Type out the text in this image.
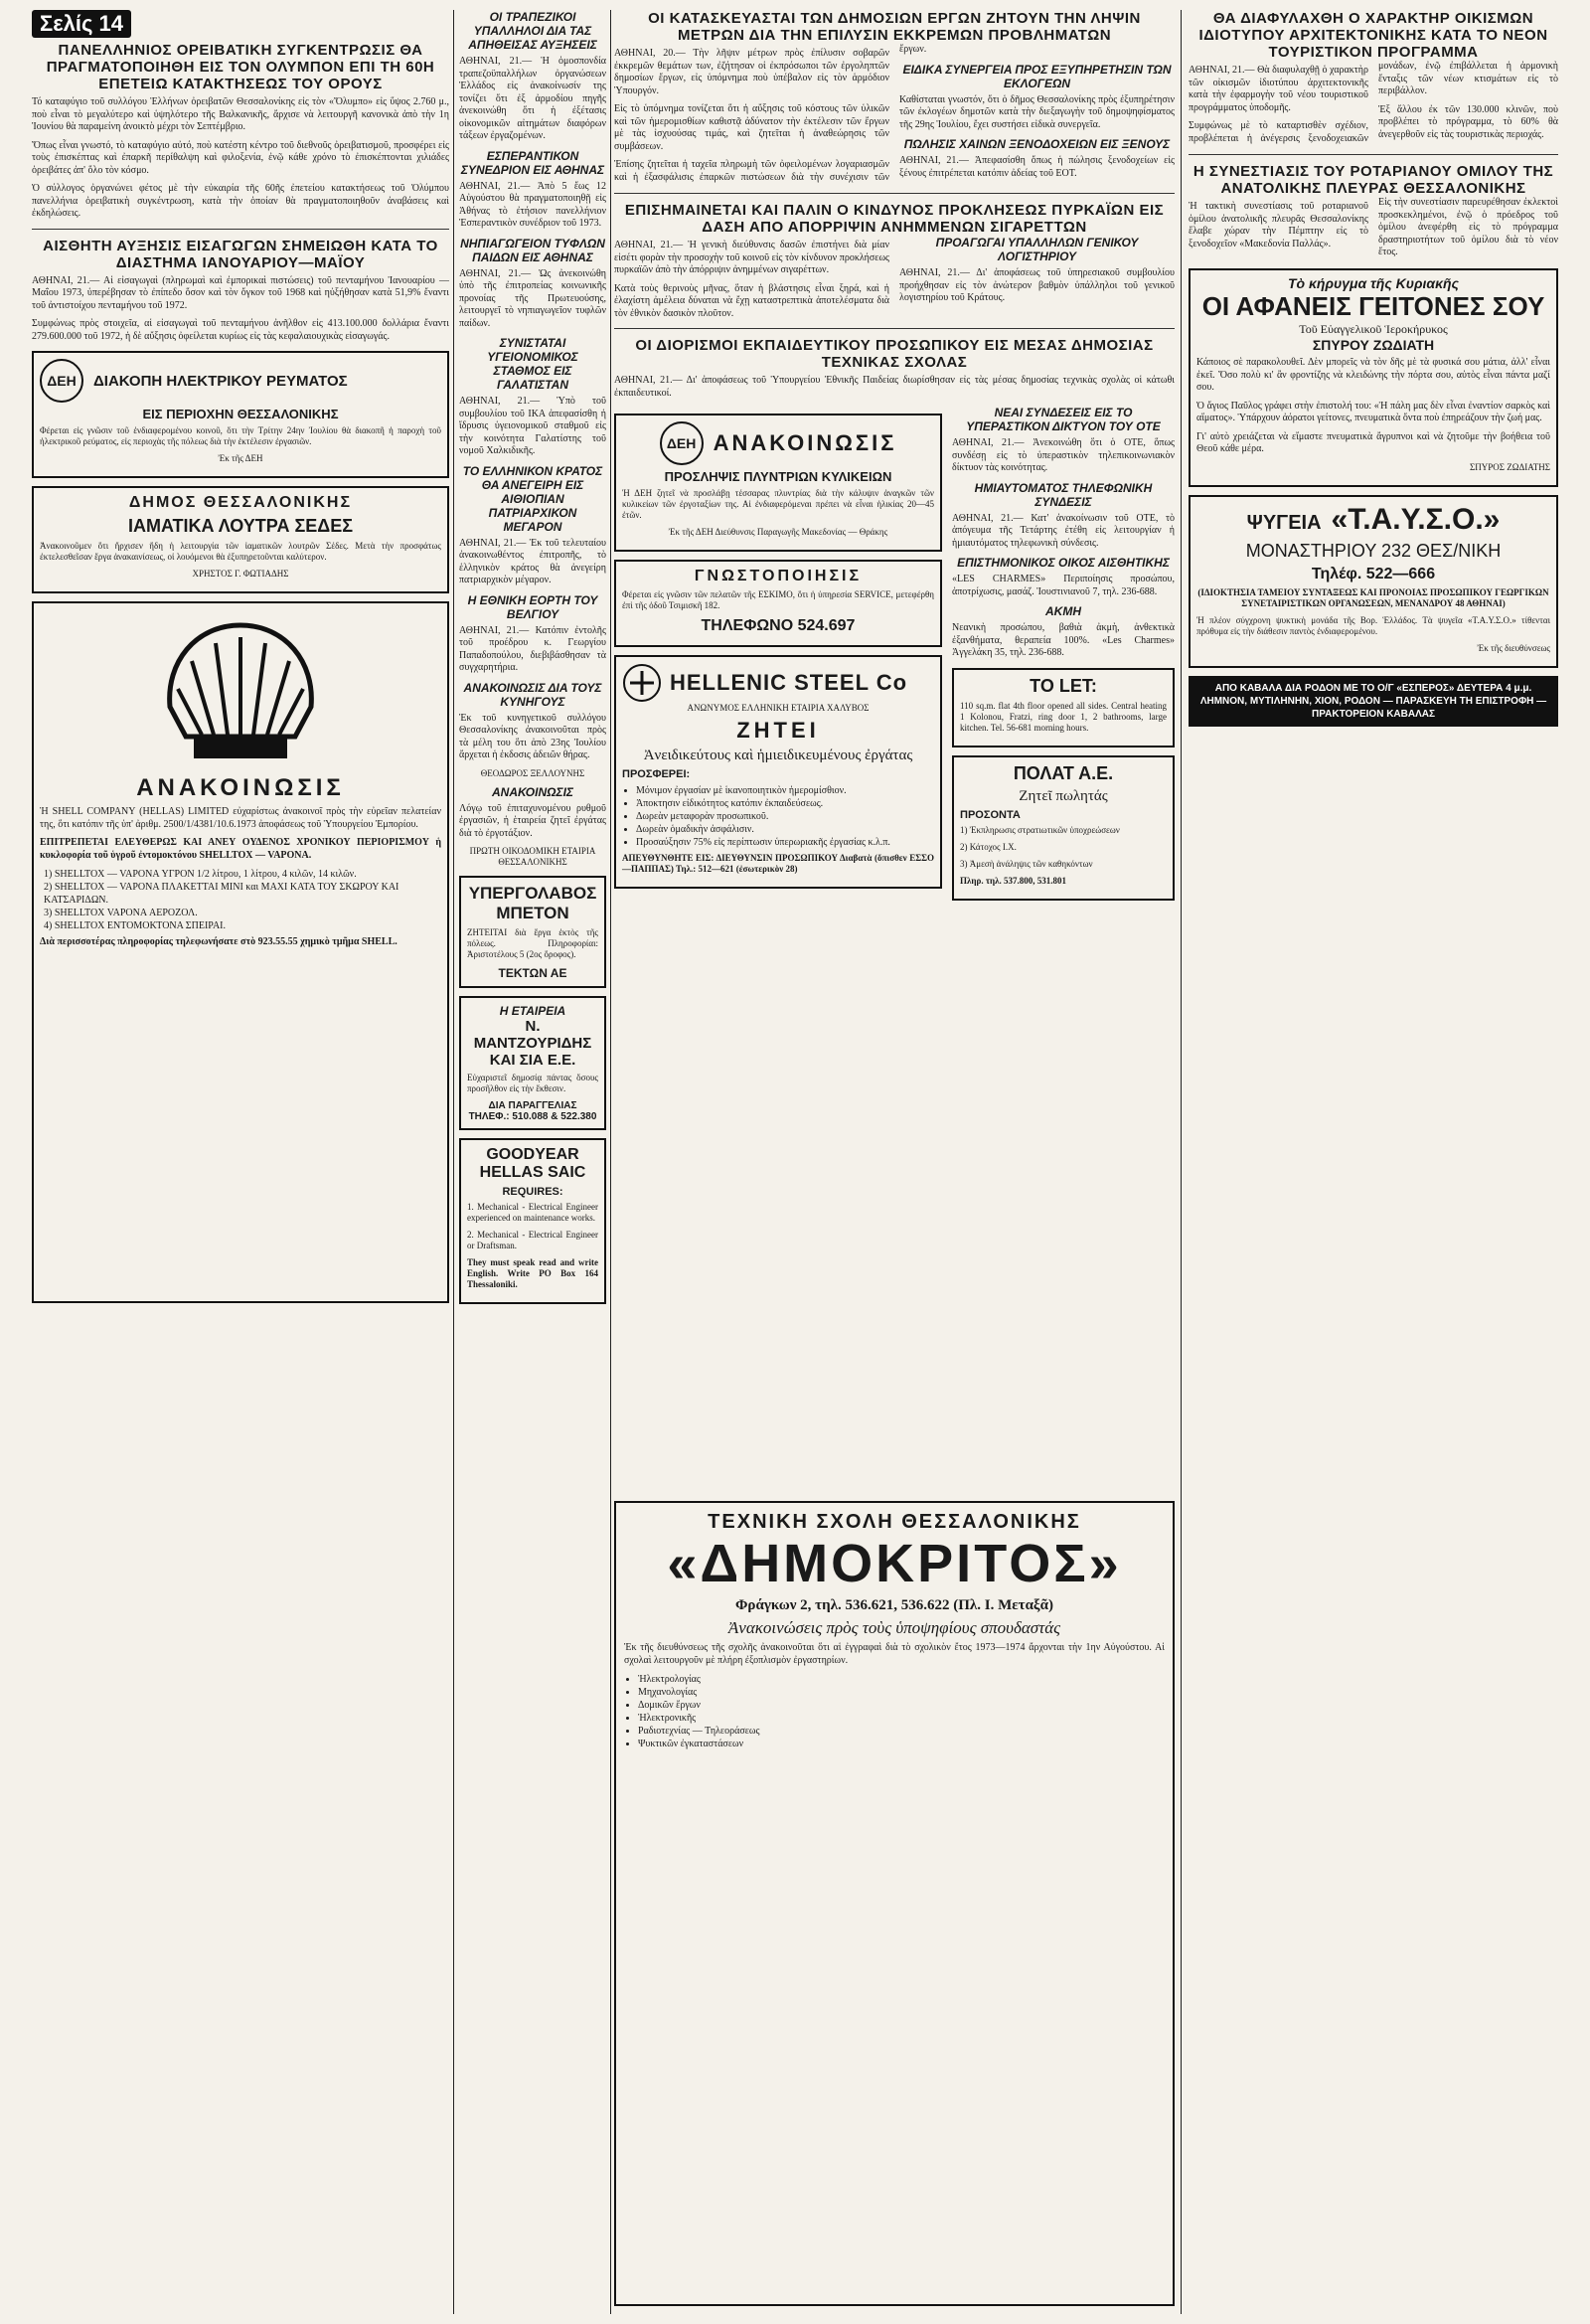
Σελίς 14
ΠΑΝΕΛΛΗΝΙΟΣ ΟΡΕΙΒΑΤΙΚΗ ΣΥΓΚΕΝΤΡΩΣΙΣ ΘΑ ΠΡΑΓΜΑΤΟΠΟΙΗΘΗ ΕΙΣ ΤΟΝ ΟΛΥΜΠΟΝ ΕΠΙ ΤΗ 60Η ΕΠΕΤΕΙΩ ΚΑΤΑΚΤΗΣΕΩΣ ΤΟΥ ΟΡΟΥΣ

Τό καταφύγιο τοῦ συλλόγου Ἑλλήνων ὀρειβατῶν Θεσσαλονίκης εἰς τὸν «Ὄλυμπο» εἰς ὕψος 2.760 μ., ποὺ εἶναι τὸ μεγαλύτερο καὶ ὑψηλότερο τῆς Βαλκανικῆς, ἄρχισε νὰ λειτουργῆ κανονικὰ ἀπὸ τὴν 1η Ἰουνίου θὰ παραμείνη ἀνοικτὸ μέχρι τὸν Σεπτέμβριο.

Ὅπως εἶναι γνωστό, τὸ καταφύγιο αὐτό, ποὺ κατέστη κέντρο τοῦ διεθνοῦς ὀρειβατισμοῦ, προσφέρει εἰς τοὺς ἐπισκέπτας καὶ ἐπαρκῆ περίθαλψη καὶ φιλοξενία, ἐνῷ κάθε χρόνο τὸ ἐπισκέπτονται χιλιάδες ὀρειβάτες ἀπ' ὅλο τὸν κόσμο.

Ὁ σύλλογος ὀργανώνει φέτος μὲ τὴν εὐκαιρία τῆς 60ῆς ἐπετείου κατακτήσεως τοῦ Ὀλύμπου πανελλήνια ὀρειβατικὴ συγκέντρωση, κατὰ τὴν ὁποίαν θὰ πραγματοποιηθοῦν ἀναβάσεις καὶ ἐκδηλώσεις.

ΑΙΣΘΗΤΗ ΑΥΞΗΣΙΣ ΕΙΣΑΓΩΓΩΝ ΣΗΜΕΙΩΘΗ ΚΑΤΑ ΤΟ ΔΙΑΣΤΗΜΑ ΙΑΝΟΥΑΡΙΟΥ—ΜΑΪΟΥ

ΑΘΗΝΑΙ, 21.— Αἱ εἰσαγωγαὶ (πληρωμαὶ καὶ ἐμπορικαὶ πιστώσεις) τοῦ πενταμήνου Ἰανουαρίου — Μαΐου 1973, ὑπερέβησαν τὸ ἐπίπεδο ὅσον καὶ τὸν ὄγκον τοῦ 1968 καὶ ηὐξήθησαν κατὰ 51,9% ἔναντι τοῦ ἀντιστοίχου πενταμήνου τοῦ 1972.

Συμφώνως πρὸς στοιχεῖα, αἱ εἰσαγωγαὶ τοῦ πενταμήνου ἀνῆλθον εἰς 413.100.000 δολλάρια ἔναντι 279.600.000 τοῦ 1972, ἡ δὲ αὔξησις ὀφείλεται κυρίως εἰς τὰς κεφαλαιουχικὰς εἰσαγωγάς.

ΔΕΗ	ΔΙΑΚΟΠΗ ΗΛΕΚΤΡΙΚΟΥ ΡΕΥΜΑΤΟΣ
ΕΙΣ ΠΕΡΙΟΧΗΝ ΘΕΣΣΑΛΟΝΙΚΗΣ

Φέρεται εἰς γνῶσιν τοῦ ἐνδιαφερομένου κοινοῦ, ὅτι τὴν Τρίτην 24ην Ἰουλίου θὰ διακοπῆ ἡ παροχὴ τοῦ ἠλεκτρικοῦ ρεύματος, εἰς περιοχὰς τῆς πόλεως διὰ τὴν ἐκτέλεσιν ἐργασιῶν.

Ἐκ τῆς ΔΕΗ

ΔΗΜΟΣ ΘΕΣΣΑΛΟΝΙΚΗΣ
ΙΑΜΑΤΙΚΑ ΛΟΥΤΡΑ ΣΕΔΕΣ

Ἀνακοινοῦμεν ὅτι ἤρχισεν ἤδη ἡ λειτουργία τῶν ἰαματικῶν λουτρῶν Σέδες. Μετὰ τὴν προσφάτως ἐκτελεσθεῖσαν ἔργα ἀνακαινίσεως, οἱ λουόμενοι θὰ ἐξυπηρετοῦνται καλύτερον.

ΧΡΗΣΤΟΣ Γ. ΦΩΤΙΑΔΗΣ

ΑΝΑΚΟΙΝΩΣΙΣ

Ἡ SHELL COMPANY (HELLAS) LIMITED εὐχαρίστως ἀνακοινοῖ πρὸς τὴν εὐρεῖαν πελατείαν της, ὅτι κατόπιν τῆς ὑπ' ἀριθμ. 2500/1/4381/10.6.1973 ἀποφάσεως τοῦ Ὑπουργείου Ἐμπορίου.

ΕΠΙΤΡΕΠΕΤΑΙ ΕΛΕΥΘΕΡΩΣ ΚΑΙ ΑΝΕΥ ΟΥΔΕΝΟΣ ΧΡΟΝΙΚΟΥ ΠΕΡΙΟΡΙΣΜΟΥ ἡ κυκλοφορία τοῦ ὑγροῦ ἐντομοκτόνου SHELLTOX — VAPONA.

1) SHELLTOX — VAPONA ΥΓΡΟΝ 1/2 λίτρου, 1 λίτρου, 4 κιλῶν, 14 κιλῶν.
2) SHELLTOX — VAPONA ΠΛΑΚΕΤΤΑΙ ΜΙΝΙ και ΜΑΧΙ ΚΑΤΑ ΤΟΥ ΣΚΩΡΟΥ ΚΑΙ ΚΑΤΣΑΡΙΔΩΝ.
3) SHELLTOX VAPONA ΑΕΡΟΖΟΛ.
4) SHELLTOX ΕΝΤΟΜΟΚΤΟΝΑ ΣΠΕΙΡΑΙ.

Διὰ περισσοτέρας πληροφορίας τηλεφωνήσατε στὸ 923.55.55 χημικὸ τμῆμα SHELL.

ΟΙ ΤΡΑΠΕΖΙΚΟΙ ΥΠΑΛΛΗΛΟΙ ΔΙΑ ΤΑΣ ΑΠΗΘΕΙΣΑΣ ΑΥΞΗΣΕΙΣ

ΑΘΗΝΑΙ, 21.— Ἡ ὁμοσπονδία τραπεζοϋπαλλήλων ὀργανώσεων Ἑλλάδος εἰς ἀνακοίνωσίν της τονίζει ὅτι ἐξ ἀρμοδίου πηγῆς ἀνεκοινώθη ὅτι ἡ ἐξέτασις οἰκονομικῶν αἰτημάτων διαφόρων τάξεων ἐργαζομένων.

ΕΣΠΕΡΑΝΤΙΚΟΝ ΣΥΝΕΔΡΙΟΝ ΕΙΣ ΑΘΗΝΑΣ

ΑΘΗΝΑΙ, 21.— Ἀπὸ 5 ἕως 12 Αὐγούστου θὰ πραγματοποιηθῇ εἰς Ἀθήνας τὸ ἐτήσιον πανελλήνιον Ἐσπεραντικὸν συνέδριον τοῦ 1973.

ΝΗΠΙΑΓΩΓΕΙΟΝ ΤΥΦΛΩΝ ΠΑΙΔΩΝ ΕΙΣ ΑΘΗΝΑΣ

ΑΘΗΝΑΙ, 21.— Ὡς ἀνεκοινώθη ὑπὸ τῆς ἐπιτροπείας κοινωνικῆς προνοίας τῆς Πρωτευούσης, λειτουργεῖ τὸ νηπιαγωγεῖον τυφλῶν παίδων.

ΣΥΝΙΣΤΑΤΑΙ ΥΓΕΙΟΝΟΜΙΚΟΣ ΣΤΑΘΜΟΣ ΕΙΣ ΓΑΛΑΤΙΣΤΑΝ

ΑΘΗΝΑΙ, 21.— Ὑπὸ τοῦ συμβουλίου τοῦ ΙΚΑ ἀπεφασίσθη ἡ ἵδρυσις ὑγειονομικοῦ σταθμοῦ εἰς τὴν κοινότητα Γαλατίστης τοῦ νομοῦ Χαλκιδικῆς.

ΤΟ ΕΛΛΗΝΙΚΟΝ ΚΡΑΤΟΣ ΘΑ ΑΝΕΓΕΙΡΗ ΕΙΣ ΑΙΘΙΟΠΙΑΝ ΠΑΤΡΙΑΡΧΙΚΟΝ ΜΕΓΑΡΟΝ

ΑΘΗΝΑΙ, 21.— Ἐκ τοῦ τελευταίου ἀνακοινωθέντος ἐπιτροπῆς, τὸ ἑλληνικὸν κράτος θὰ ἀνεγείρη πατριαρχικὸν μέγαρον.

Η ΕΘΝΙΚΗ ΕΟΡΤΗ ΤΟΥ ΒΕΛΓΙΟΥ

ΑΘΗΝΑΙ, 21.— Κατόπιν ἐντολῆς τοῦ προέδρου κ. Γεωργίου Παπαδοπούλου, διεβιβάσθησαν τὰ συγχαρητήρια.

ΑΝΑΚΟΙΝΩΣΙΣ ΔΙΑ ΤΟΥΣ ΚΥΝΗΓΟΥΣ

Ἐκ τοῦ κυνηγετικοῦ συλλόγου Θεσσαλονίκης ἀνακοινοῦται πρὸς τὰ μέλη του ὅτι ἀπὸ 23ης Ἰουλίου ἄρχεται ἡ ἐκδοσις ἀδειῶν θήρας.

ΘΕΟΔΩΡΟΣ ΞΕΛΛΟΥΝΗΣ

ΑΝΑΚΟΙΝΩΣΙΣ

Λόγῳ τοῦ ἐπιταχυνομένου ρυθμοῦ ἐργασιῶν, ἡ ἑταιρεία ζητεῖ ἐργάτας διὰ τὸ ἐργοτάξιον.

ΠΡΩΤΗ ΟΙΚΟΔΟΜΙΚΗ ΕΤΑΙΡΙΑ ΘΕΣΣΑΛΟΝΙΚΗΣ

ΥΠΕΡΓΟΛΑΒΟΣ ΜΠΕΤΟΝ

ΖΗΤΕΙΤΑΙ διὰ ἔργα ἐκτὸς τῆς πόλεως. Πληροφορίαι: Ἀριστοτέλους 5 (2ος ὄροφος).

ΤΕΚΤΩΝ ΑΕ
Η ΕΤΑΙΡΕΙΑ
Ν. ΜΑΝΤΖΟΥΡΙΔΗΣ ΚΑΙ ΣΙΑ Ε.Ε.

Εὐχαριστεῖ δημοσίᾳ πάντας ὅσους προσῆλθον εἰς τὴν ἔκθεσιν.

ΔΙΑ ΠΑΡΑΓΓΕΛΙΑΣ ΤΗΛΕΦ.: 510.088 & 522.380
GOODYEAR HELLAS SAIC
REQUIRES:

1. Mechanical - Electrical Engineer experienced on maintenance works.

2. Mechanical - Electrical Engineer or Draftsman.

They must speak read and write English. Write PO Box 164 Thessaloniki.

ΟΙ ΚΑΤΑΣΚΕΥΑΣΤΑΙ ΤΩΝ ΔΗΜΟΣΙΩΝ ΕΡΓΩΝ ΖΗΤΟΥΝ ΤΗΝ ΛΗΨΙΝ ΜΕΤΡΩΝ ΔΙΑ ΤΗΝ ΕΠΙΛΥΣΙΝ ΕΚΚΡΕΜΩΝ ΠΡΟΒΛΗΜΑΤΩΝ

ΑΘΗΝΑΙ, 20.— Τὴν λῆψιν μέτρων πρὸς ἐπίλυσιν σοβαρῶν ἐκκρεμῶν θεμάτων των, ἐζήτησαν οἱ ἐκπρόσωποι τῶν ἐργοληπτῶν δημοσίων ἔργων, εἰς ὑπόμνημα ποὺ ὑπέβαλον εἰς τὸν ἁρμόδιον Ὑπουργόν.

Εἰς τὸ ὑπόμνημα τονίζεται ὅτι ἡ αὔξησις τοῦ κόστους τῶν ὑλικῶν καὶ τῶν ἡμερομισθίων καθιστᾷ ἀδύνατον τὴν ἐκτέλεσιν τῶν ἔργων μὲ τὰς ἰσχυούσας τιμάς, καὶ ζητεῖται ἡ ἀναθεώρησις τῶν συμβάσεων.

Ἐπίσης ζητεῖται ἡ ταχεῖα πληρωμὴ τῶν ὀφειλομένων λογαριασμῶν καὶ ἡ ἐξασφάλισις ἐπαρκῶν πιστώσεων διὰ τὴν συνέχισιν τῶν ἔργων.

ΕΙΔΙΚΑ ΣΥΝΕΡΓΕΙΑ ΠΡΟΣ ΕΞΥΠΗΡΕΤΗΣΙΝ ΤΩΝ ΕΚΛΟΓΕΩΝ

Καθίσταται γνωστόν, ὅτι ὁ δῆμος Θεσσαλονίκης πρὸς ἐξυπηρέτησιν τῶν ἐκλογέων δημοτῶν κατὰ τὴν διεξαγωγὴν τοῦ δημοψηφίσματος τῆς 29ης Ἰουλίου, ἔχει συστήσει εἰδικὰ συνεργεῖα.

ΠΩΛΗΣΙΣ ΧΑΙΝΩΝ ΞΕΝΟΔΟΧΕΙΩΝ ΕΙΣ ΞΕΝΟΥΣ

ΑΘΗΝΑΙ, 21.— Ἀπεφασίσθη ὅπως ἡ πώλησις ξενοδοχείων εἰς ξένους ἐπιτρέπεται κατόπιν ἀδείας τοῦ ΕΟΤ.

ΕΠΙΣΗΜΑΙΝΕΤΑΙ ΚΑΙ ΠΑΛΙΝ Ο ΚΙΝΔΥΝΟΣ ΠΡΟΚΛΗΣΕΩΣ ΠΥΡΚΑΪΩΝ ΕΙΣ ΔΑΣΗ ΑΠΟ ΑΠΟΡΡΙΨΙΝ ΑΝΗΜΜΕΝΩΝ ΣΙΓΑΡΕΤΤΩΝ

ΑΘΗΝΑΙ, 21.— Ἡ γενικὴ διεύθυνσις δασῶν ἐπιστήνει διὰ μίαν εἰσέτι φορὰν τὴν προσοχὴν τοῦ κοινοῦ εἰς τὸν κίνδυνον προκλήσεως πυρκαϊῶν ἀπὸ τὴν ἀπόρριψιν ἀνημμένων σιγαρέττων.

Κατὰ τοὺς θερινοὺς μῆνας, ὅταν ἡ βλάστησις εἶναι ξηρά, καὶ ἡ ἐλαχίστη ἀμέλεια δύναται νὰ ἔχῃ καταστρεπτικὰ ἀποτελέσματα διὰ τὸν ἐθνικὸν δασικὸν πλοῦτον.

ΠΡΟΑΓΩΓΑΙ ΥΠΑΛΛΗΛΩΝ ΓΕΝΙΚΟΥ ΛΟΓΙΣΤΗΡΙΟΥ

ΑΘΗΝΑΙ, 21.— Δι' ἀποφάσεως τοῦ ὑπηρεσιακοῦ συμβουλίου προήχθησαν εἰς τὸν ἀνώτερον βαθμὸν ὑπάλληλοι τοῦ γενικοῦ λογιστηρίου τοῦ Κράτους.

ΟΙ ΔΙΟΡΙΣΜΟΙ ΕΚΠΑΙΔΕΥΤΙΚΟΥ ΠΡΟΣΩΠΙΚΟΥ ΕΙΣ ΜΕΣΑΣ ΔΗΜΟΣΙΑΣ ΤΕΧΝΙΚΑΣ ΣΧΟΛΑΣ

ΑΘΗΝΑΙ, 21.— Δι' ἀποφάσεως τοῦ Ὑπουργείου Ἐθνικῆς Παιδείας διωρίσθησαν εἰς τὰς μέσας δημοσίας τεχνικὰς σχολὰς οἱ κάτωθι ἐκπαιδευτικοί.

ΔΕΗ ΑΝΑΚΟΙΝΩΣΙΣ
ΠΡΟΣΛΗΨΙΣ ΠΛΥΝΤΡΙΩΝ ΚΥΛΙΚΕΙΩΝ

Ἡ ΔΕΗ ζητεῖ νὰ προσλάβῃ τέσσαρας πλυντρίας διὰ τὴν κάλυψιν ἀναγκῶν τῶν κυλικείων τῶν ἐργοταξίων της. Αἱ ἐνδιαφερόμεναι πρέπει νὰ εἶναι ἡλικίας 20—45 ἐτῶν.

Ἐκ τῆς ΔΕΗ Διεύθυνσις Παραγωγῆς Μακεδονίας — Θράκης

ΓΝΩΣΤΟΠΟΙΗΣΙΣ

Φέρεται εἰς γνῶσιν τῶν πελατῶν τῆς ΕΣΚΙΜΟ, ὅτι ἡ ὑπηρεσία SERVICE, μετεφέρθη ἐπὶ τῆς ὁδοῦ Τσιμισκῆ 182.

ΤΗΛΕΦΩΝΟ 524.697
HELLENIC STEEL Co
ΑΝΩΝΥΜΟΣ ΕΛΛΗΝΙΚΗ ΕΤΑΙΡΙΑ ΧΑΛΥΒΟΣ
ΖΗΤΕΙ
Ἀνειδικεύτους καὶ ἡμιειδικευμένους ἐργάτας
ΠΡΟΣΦΕΡΕΙ:
• Μόνιμον ἐργασίαν μὲ ἱκανοποιητικὸν ἡμερομίσθιον.
• Ἀποκτησιν εἰδικότητος κατόπιν ἐκπαιδεύσεως.
• Δωρεὰν μεταφορὰν προσωπικοῦ.
• Δωρεὰν ὁμαδικὴν ἀσφάλισιν.
• Προσαύξησιν 75% εἰς περίπτωσιν ὑπερωριακῆς ἐργασίας κ.λ.π.

ΑΠΕΥΘΥΝΘΗΤΕ ΕΙΣ: ΔΙΕΥΘΥΝΣΙΝ ΠΡΟΣΩΠΙΚΟΥ Διαβατὰ (ὄπισθεν ΕΣΣΟ—ΠΑΠΠΑΣ) Τηλ.: 512—621 (ἐσωτερικὸν 28)

ΝΕΑΙ ΣΥΝΔΕΣΕΙΣ ΕΙΣ ΤΟ ΥΠΕΡΑΣΤΙΚΟΝ ΔΙΚΤΥΟΝ ΤΟΥ ΟΤΕ

ΑΘΗΝΑΙ, 21.— Ἀνεκοινώθη ὅτι ὁ ΟΤΕ, ὅπως συνδέσῃ εἰς τὸ ὑπεραστικὸν τηλεπικοινωνιακὸν δίκτυον τὰς κοινότητας.

ΗΜΙΑΥΤΟΜΑΤΟΣ ΤΗΛΕΦΩΝΙΚΗ ΣΥΝΔΕΣΙΣ

ΑΘΗΝΑΙ, 21.— Κατ' ἀνακοίνωσιν τοῦ ΟΤΕ, τὸ ἀπόγευμα τῆς Τετάρτης ἐτέθη εἰς λειτουργίαν ἡ ἡμιαυτόματος τηλεφωνικὴ σύνδεσις.

ΕΠΙΣΤΗΜΟΝΙΚΟΣ ΟΙΚΟΣ ΑΙΣΘΗΤΙΚΗΣ

«LES CHARMES» Περιποίησις προσώπου, ἀποτρίχωσις, μασάζ. Ἰουστινιανοῦ 7, τηλ. 236-688.

ΑΚΜΗ

Νεανικὴ προσώπου, βαθιὰ ἀκμὴ, ἀνθεκτικὰ ἐξανθήματα, θεραπεία 100%. «Les Charmes» Ἀγγελάκη 35, τηλ. 236-688.

TO LET:

110 sq.m. flat 4th floor opened all sides. Central heating 1 Kolonou, Fratzi, ring door 1, 2 bathrooms, large kitchen. Tel. 56-681 morning hours.

ΠΟΛΑΤ Α.Ε.
Ζητεῖ πωλητάς
ΠΡΟΣΟΝΤΑ

1) Ἐκπληρωσις στρατιωτικῶν ὑποχρεώσεων

2) Κάτοχος Ι.Χ.

3) Ἀμεσὴ ἀνάληψις τῶν καθηκόντων

Πληρ. τηλ. 537.800, 531.801

ΤΕΧΝΙΚΗ ΣΧΟΛΗ ΘΕΣΣΑΛΟΝΙΚΗΣ
«ΔΗΜΟΚΡΙΤΟΣ»
Φράγκων 2, τηλ. 536.621, 536.622 (Πλ. Ι. Μεταξᾶ)
Ἀνακοινώσεις πρὸς τοὺς ὑποψηφίους σπουδαστάς

Ἐκ τῆς διευθύνσεως τῆς σχολῆς ἀνακοινοῦται ὅτι αἱ ἐγγραφαὶ διὰ τὸ σχολικὸν ἔτος 1973—1974 ἄρχονται τὴν 1ην Αὐγούστου. Αἱ σχολαὶ λειτουργοῦν μὲ πλήρη ἐξοπλισμὸν ἐργαστηρίων.

• Ἡλεκτρολογίας
• Μηχανολογίας
• Δομικῶν ἔργων
• Ἠλεκτρονικῆς
• Ραδιοτεχνίας — Τηλεοράσεως
• Ψυκτικῶν ἐγκαταστάσεων
ΘΑ ΔΙΑΦΥΛΑΧΘΗ Ο ΧΑΡΑΚΤΗΡ ΟΙΚΙΣΜΩΝ ΙΔΙΟΤΥΠΟΥ ΑΡΧΙΤΕΚΤΟΝΙΚΗΣ ΚΑΤΑ ΤΟ ΝΕΟΝ ΤΟΥΡΙΣΤΙΚΟΝ ΠΡΟΓΡΑΜΜΑ

ΑΘΗΝΑΙ, 21.— Θὰ διαφυλαχθῇ ὁ χαρακτὴρ τῶν οἰκισμῶν ἰδιοτύπου ἀρχιτεκτονικῆς κατὰ τὴν ἐφαρμογὴν τοῦ νέου τουριστικοῦ προγράμματος ὑποδομῆς.

Συμφώνως μὲ τὸ καταρτισθὲν σχέδιον, προβλέπεται ἡ ἀνέγερσις ξενοδοχειακῶν μονάδων, ἐνῷ ἐπιβάλλεται ἡ ἀρμονικὴ ἔνταξις τῶν νέων κτισμάτων εἰς τὸ περιβάλλον.

Ἐξ ἄλλου ἐκ τῶν 130.000 κλινῶν, ποὺ προβλέπει τὸ πρόγραμμα, τὸ 60% θὰ ἀνεγερθοῦν εἰς τὰς τουριστικὰς περιοχάς.

Η ΣΥΝΕΣΤΙΑΣΙΣ ΤΟΥ ΡΟΤΑΡΙΑΝΟΥ ΟΜΙΛΟΥ ΤΗΣ ΑΝΑΤΟΛΙΚΗΣ ΠΛΕΥΡΑΣ ΘΕΣΣΑΛΟΝΙΚΗΣ

Ἡ τακτικὴ συνεστίασις τοῦ ροταριανοῦ ὁμίλου ἀνατολικῆς πλευρᾶς Θεσσαλονίκης ἔλαβε χώραν τὴν Πέμπτην εἰς τὸ ξενοδοχεῖον «Μακεδονία Παλλάς».

Εἰς τὴν συνεστίασιν παρευρέθησαν ἐκλεκτοὶ προσκεκλημένοι, ἐνῷ ὁ πρόεδρος τοῦ ὁμίλου ἀνεφέρθη εἰς τὸ πρόγραμμα δραστηριοτήτων τοῦ ὁμίλου διὰ τὸ νέον ἔτος.

Τὸ κήρυγμα τῆς Κυριακῆς
ΟΙ ΑΦΑΝΕΙΣ ΓΕΙΤΟΝΕΣ ΣΟΥ
Τοῦ Εὐαγγελικοῦ Ἱεροκήρυκος
ΣΠΥΡΟΥ ΖΩΔΙΑΤΗ

Κάποιος σὲ παρακολουθεῖ. Δὲν μπορεῖς νὰ τὸν δῆς μὲ τὰ φυσικά σου μάτια, ἀλλ' εἶναι ἐκεῖ. Ὅσο πολὺ κι' ἂν φροντίζης νὰ κλειδώνης τὴν πόρτα σου, αὐτὸς εἶναι πάντα μαζί σου.

Ὁ ἅγιος Παῦλος γράφει στὴν ἐπιστολή του: «Ἡ πάλη μας δὲν εἶναι ἐναντίον σαρκὸς καὶ αἵματος». Ὑπάρχουν ἀόρατοι γείτονες, πνευματικὰ ὄντα ποὺ ἐπηρεάζουν τὴν ζωή μας.

Γι' αὐτὸ χρειάζεται νὰ εἴμαστε πνευματικὰ ἄγρυπνοι καὶ νὰ ζητοῦμε τὴν βοήθεια τοῦ Θεοῦ κάθε μέρα.

ΣΠΥΡΟΣ ΖΩΔΙΑΤΗΣ

ΨΥΓΕΙΑ «Τ.Α.Υ.Σ.Ο.»
ΜΟΝΑΣΤΗΡΙΟΥ 232 ΘΕΣ/ΝΙΚΗ
Τηλέφ. 522—666

(ΙΔΙΟΚΤΗΣΙΑ ΤΑΜΕΙΟΥ ΣΥΝΤΑΞΕΩΣ ΚΑΙ ΠΡΟΝΟΙΑΣ ΠΡΟΣΩΠΙΚΟΥ ΓΕΩΡΓΙΚΩΝ ΣΥΝΕΤΑΙΡΙΣΤΙΚΩΝ ΟΡΓΑΝΩΣΕΩΝ, ΜΕΝΑΝΔΡΟΥ 48 ΑΘΗΝΑΙ)

Ἡ πλέον σύγχρονη ψυκτικὴ μονάδα τῆς Βορ. Ἑλλάδος. Τὰ ψυγεῖα «Τ.Α.Υ.Σ.Ο.» τίθενται πρόθυμα εἰς τὴν διάθεσιν παντὸς ἐνδιαφερομένου.

Ἐκ τῆς διευθύνσεως

ΑΠΟ ΚΑΒΑΛΑ ΔΙΑ ΡΟΔΟΝ ΜΕ ΤΟ Ο/Γ «ΕΣΠΕΡΟΣ» ΔΕΥΤΕΡΑ 4 μ.μ. ΛΗΜΝΟΝ, ΜΥΤΙΛΗΝΗΝ, ΧΙΟΝ, ΡΟΔΟΝ — ΠΑΡΑΣΚΕΥΗ ΤΗ ΕΠΙΣΤΡΟΦΗ — ΠΡΑΚΤΟΡΕΙΟΝ ΚΑΒΑΛΑΣ
